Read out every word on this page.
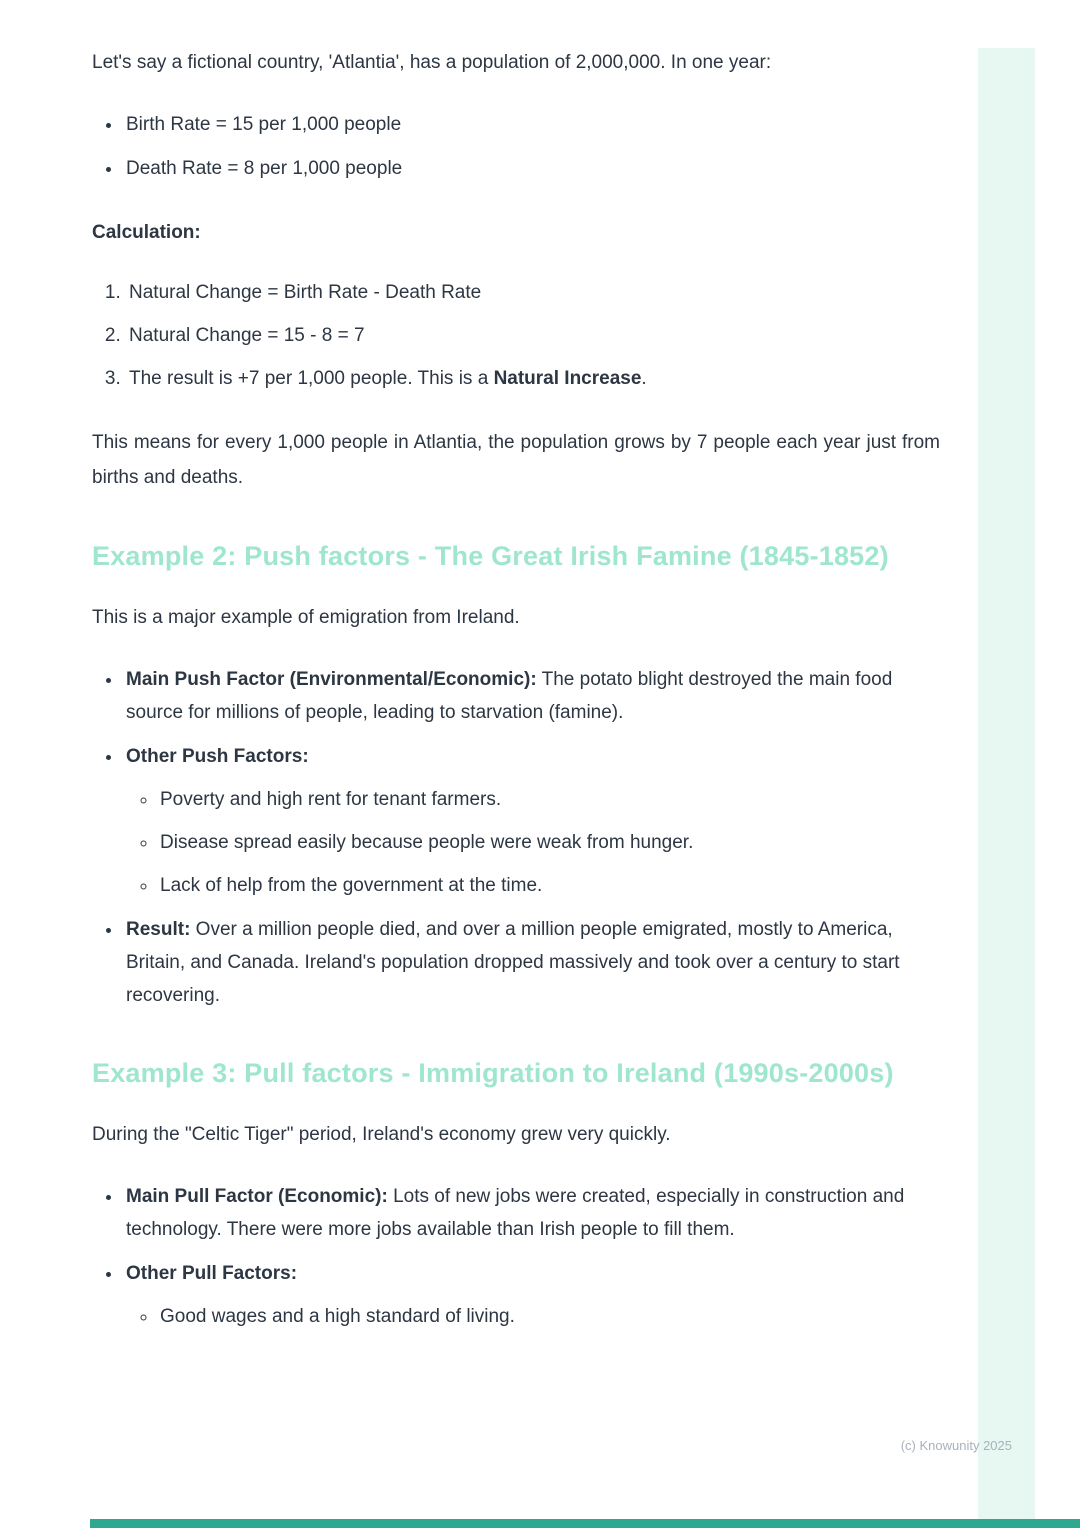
Let's say a fictional country, 'Atlantia', has a population of 2,000,000. In one year:

• Birth Rate = 15 per 1,000 people
• Death Rate = 8 per 1,000 people

Calculation:

1. Natural Change = Birth Rate - Death Rate
2. Natural Change = 15 - 8 = 7
3. The result is +7 per 1,000 people. This is a Natural Increase.

This means for every 1,000 people in Atlantia, the population grows by 7 people each year just from births and deaths.

Example 2: Push factors - The Great Irish Famine (1845-1852)

This is a major example of emigration from Ireland.

• Main Push Factor (Environmental/Economic): The potato blight destroyed the main food source for millions of people, leading to starvation (famine).
• Other Push Factors:
◦ Poverty and high rent for tenant farmers.
◦ Disease spread easily because people were weak from hunger.
◦ Lack of help from the government at the time.
• Result: Over a million people died, and over a million people emigrated, mostly to America, Britain, and Canada. Ireland's population dropped massively and took over a century to start recovering.
Example 3: Pull factors - Immigration to Ireland (1990s-2000s)

During the "Celtic Tiger" period, Ireland's economy grew very quickly.

• Main Pull Factor (Economic): Lots of new jobs were created, especially in construction and technology. There were more jobs available than Irish people to fill them.
• Other Pull Factors:
◦ Good wages and a high standard of living.
(c) Knowunity 2025
